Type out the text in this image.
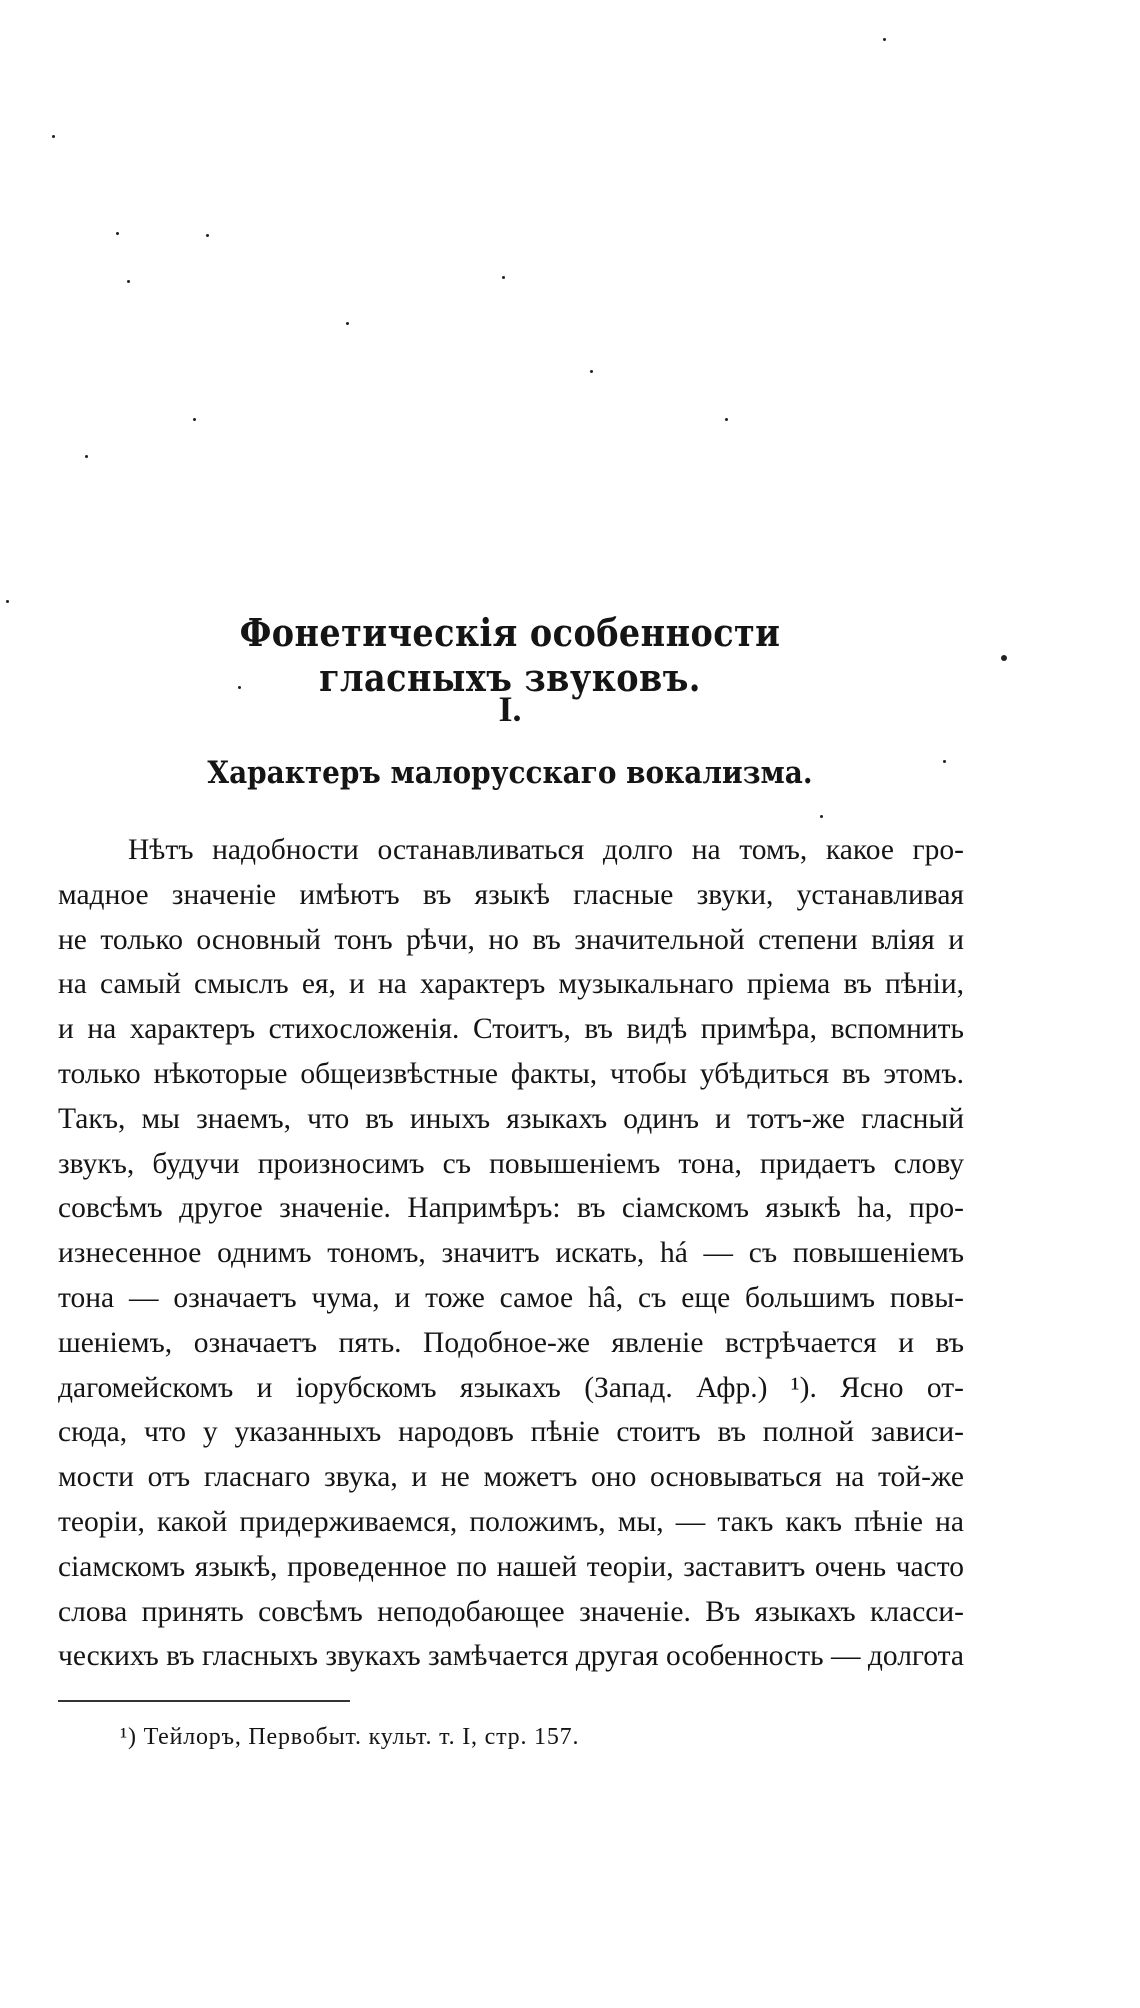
Фонетическія особенности гласныхъ звуковъ.
I.
Характеръ малорусскаго вокализма.
Нѣтъ надобности останавливаться долго на томъ, какое гро-
мадное значеніе имѣютъ въ языкѣ гласные звуки, устанавливая
не только основный тонъ рѣчи, но въ значительной степени вліяя и
на самый смыслъ ея, и на характеръ музыкальнаго пріема въ пѣніи,
и на характеръ стихосложенія. Стоитъ, въ видѣ примѣра, вспомнить
только нѣкоторые общеизвѣстные факты, чтобы убѣдиться въ этомъ.
Такъ, мы знаемъ, что въ иныхъ языкахъ одинъ и тотъ-же гласный
звукъ, будучи произносимъ съ повышеніемъ тона, придаетъ слову
совсѣмъ другое значеніе. Напримѣръ: въ сіамскомъ языкѣ ha, про-
изнесенное однимъ тономъ, значитъ искать, há — съ повышеніемъ
тона — означаетъ чума, и тоже самое hâ, съ еще большимъ повы-
шеніемъ, означаетъ пять. Подобное-же явленіе встрѣчается и въ
дагомейскомъ и іорубскомъ языкахъ (Запад. Афр.) ¹). Ясно от-
сюда, что у указанныхъ народовъ пѣніе стоитъ въ полной зависи-
мости отъ гласнаго звука, и не можетъ оно основываться на той-же
теоріи, какой придерживаемся, положимъ, мы, — такъ какъ пѣніе на
сіамскомъ языкѣ, проведенное по нашей теоріи, заставитъ очень часто
слова принять совсѣмъ неподобающее значеніе. Въ языкахъ класси-
ческихъ въ гласныхъ звукахъ замѣчается другая особенность — долгота
¹) Тейлоръ, Первобыт. культ. т. I, стр. 157.
